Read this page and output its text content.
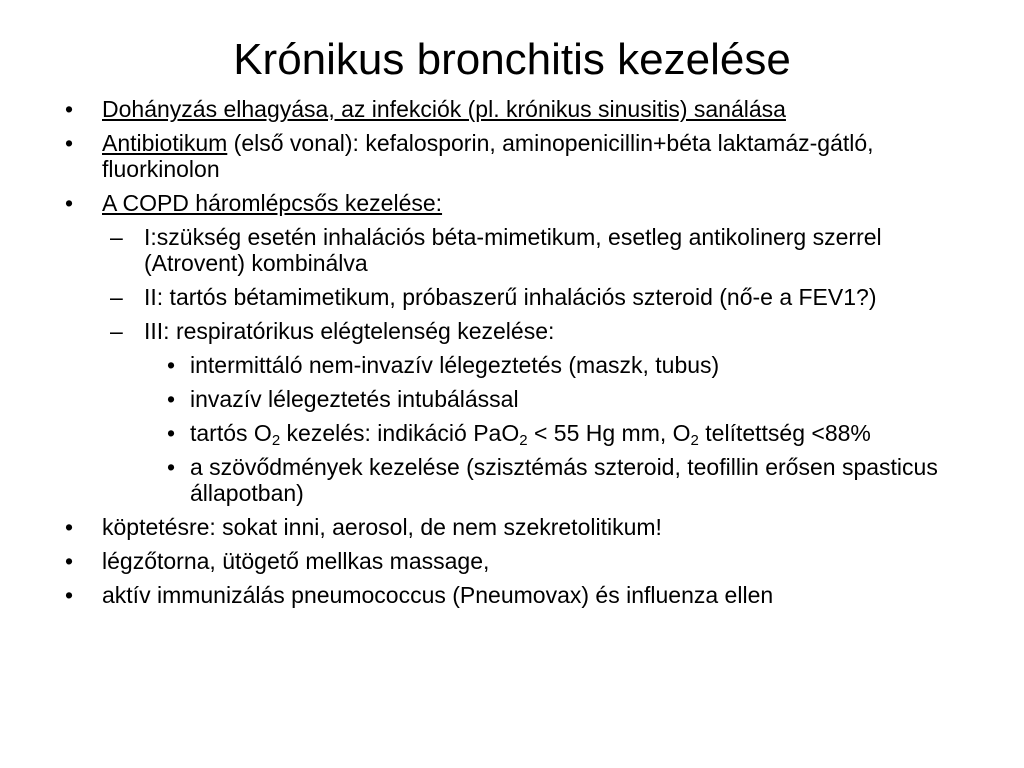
Krónikus bronchitis kezelése
• Dohányzás elhagyása, az infekciók (pl. krónikus sinusitis) sanálása
• Antibiotikum (első vonal): kefalosporin, aminopenicillin+béta laktamáz-gátló, fluorkinolon
• A COPD háromlépcsős kezelése:
– I:szükség esetén inhalációs béta-mimetikum, esetleg antikolinerg szerrel (Atrovent) kombinálva
– II: tartós bétamimetikum, próbaszerű inhalációs szteroid (nő-e a FEV1?)
– III: respiratórikus elégtelenség kezelése:
• intermittáló nem-invazív lélegeztetés (maszk, tubus)
• invazív lélegeztetés intubálással
• tartós $O_2$ kezelés: indikáció PaO$_2$ < 55 Hg mm, $O_2$ telítettség <88%
• a szövődmények kezelése (szisztémás szteroid, teofillin erősen spasticus állapotban)
• köptetésre: sokat inni, aerosol, de nem szekretolitikum!
• légzőtorna, ütögető mellkas massage,
• aktív immunizálás pneumococcus (Pneumovax) és influenza ellen
